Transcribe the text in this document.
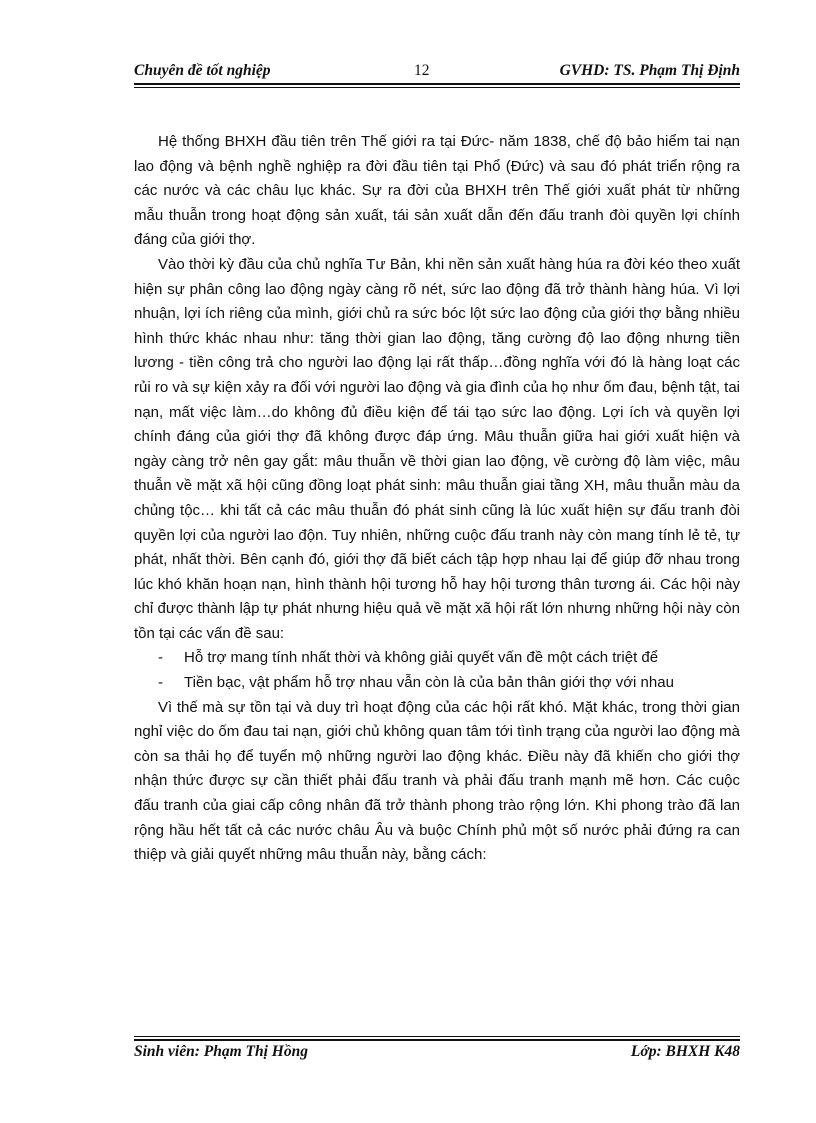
Chuyên đề tốt nghiệp	12	GVHD: TS. Phạm Thị Định

Hệ thống BHXH đầu tiên trên Thế giới ra tại Đức- năm 1838, chế độ bảo hiểm tai nạn lao động và bệnh nghề nghiệp ra đời đầu tiên tại Phổ (Đức) và sau đó phát triển rộng ra các nước và các châu lục khác. Sự ra đời của BHXH trên Thế giới xuất phát từ những mẫu thuẫn trong hoạt động sản xuất, tái sản xuất dẫn đến đấu tranh đòi quyền lợi chính đáng của giới thợ.

Vào thời kỳ đầu của chủ nghĩa Tư Bản, khi nền sản xuất hàng húa ra đời kéo theo xuất hiện sự phân công lao động ngày càng rõ nét, sức lao động đã trở thành hàng húa. Vì lợi nhuận, lợi ích riêng của mình, giới chủ ra sức bóc lột sức lao động của giới thợ bằng nhiều hình thức khác nhau như: tăng thời gian lao động, tăng cường độ lao động nhưng tiền lương - tiền công trả cho người lao động lại rất thấp…đồng nghĩa với đó là hàng loạt các rủi ro và sự kiện xảy ra đối với người lao động và gia đình của họ như ốm đau, bệnh tật, tai nạn, mất việc làm…do không đủ điều kiện để tái tạo sức lao động. Lợi ích và quyền lợi chính đáng của giới thợ đã không được đáp ứng. Mâu thuẫn giữa hai giới xuất hiện và ngày càng trở nên gay gắt: mâu thuẫn về thời gian lao động, về cường độ làm việc, mâu thuẫn về mặt xã hội cũng đồng loạt phát sinh: mâu thuẫn giai tầng XH, mâu thuẫn màu da chủng tộc… khi tất cả các mâu thuẫn đó phát sinh cũng là lúc xuất hiện sự đấu tranh đòi quyền lợi của người lao độn. Tuy nhiên, những cuộc đấu tranh này còn mang tính lẻ tẻ, tự phát, nhất thời. Bên cạnh đó, giới thợ đã biết cách tập hợp nhau lại để giúp đỡ nhau trong lúc khó khăn hoạn nạn, hình thành hội tương hỗ hay hội tương thân tương ái. Các hội này chỉ được thành lập tự phát nhưng hiệu quả về mặt xã hội rất lớn nhưng những hội này còn tồn tại các vấn đề sau:

-	Hỗ trợ mang tính nhất thời và không giải quyết vấn đề một cách triệt để
-	Tiền bạc, vật phẩm hỗ trợ nhau vẫn còn là của bản thân giới thợ với nhau

Vì thế mà sự tồn tại và duy trì hoạt động của các hội rất khó. Mặt khác, trong thời gian nghỉ việc do ốm đau tai nạn, giới chủ không quan tâm tới tình trạng của người lao động mà còn sa thải họ để tuyển mộ những người lao động khác. Điều này đã khiến cho giới thợ nhận thức được sự cần thiết phải đấu tranh và phải đấu tranh mạnh mẽ hơn. Các cuộc đấu tranh của giai cấp công nhân đã trở thành phong trào rộng lớn. Khi phong trào đã lan rộng hầu hết tất cả các nước châu Âu và buộc Chính phủ một số nước phải đứng ra can thiệp và giải quyết những mâu thuẫn này, bằng cách:

Sinh viên: Phạm Thị Hồng	Lớp: BHXH K48
